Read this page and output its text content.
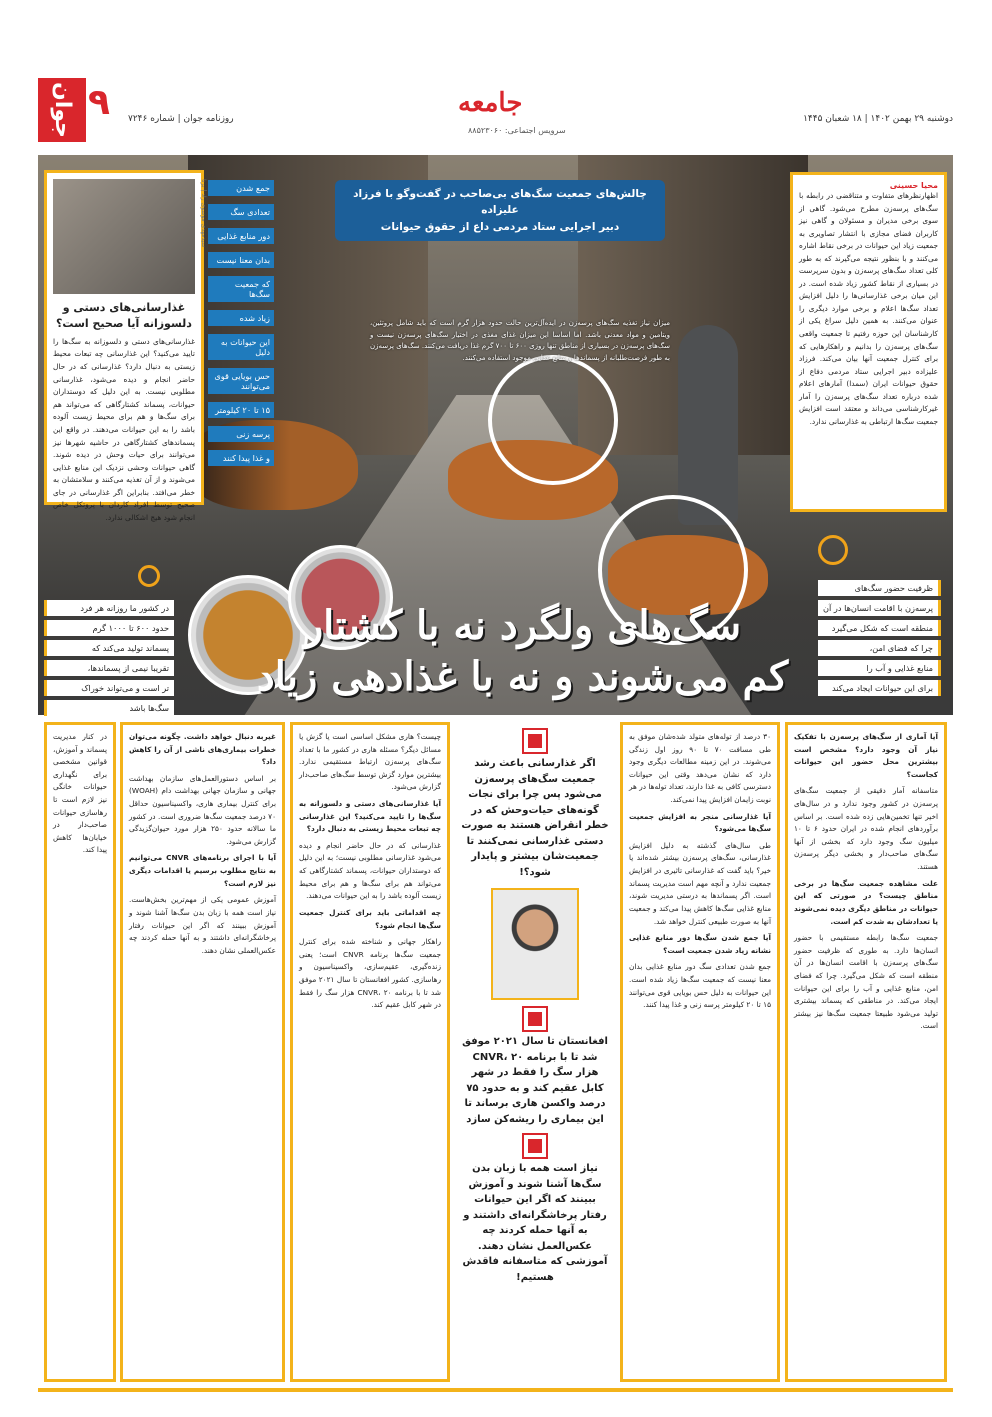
جوان ۹ روزنامه جوان | شماره ۷۲۴۶
جامعه
سرویس اجتماعی: ۸۸۵۲۳۰۶۰
دوشنبه ۲۹ بهمن ۱۴۰۲ | ۱۸ شعبان ۱۴۴۵
سیدمهدی موسوی راد | برنا
غذارسانی‌های دستی و دلسوزانه آیا صحیح است؟

غذارسانی‌های دستی و دلسوزانه به سگ‌ها را تایید می‌کنید؟ این غذارسانی چه تبعات محیط زیستی به دنبال دارد؟ غذارسانی که در حال حاضر انجام و دیده می‌شود، غذارسانی مطلوبی نیست. به این دلیل که دوستداران حیوانات، پسماند کشتارگاهی که می‌تواند هم برای سگ‌ها و هم برای محیط زیست آلوده باشد را به این حیوانات می‌دهند. در واقع این پسماندهای کشتارگاهی در حاشیه شهرها نیز می‌توانند برای حیات وحش در دیده شوند. گاهی حیوانات وحشی نزدیک این منابع غذایی می‌شوند و از آن تغذیه می‌کنند و سلامتشان به خطر می‌افتد. بنابراین اگر غذارسانی در جای صحیح توسط افراد کاردان با پروتکل خاص انجام شود هیچ اشکالی ندارد.

جمع شدن
تعدادی سگ
دور منابع غذایی
بدان معنا نیست
که جمعیت سگ‌ها
زیاد شده
این حیوانات به دلیل
حس بویایی قوی می‌توانند
۱۵ تا ۲۰ کیلومتر
پرسه زنی
و غذا پیدا کنند

چالش‌های جمعیت سگ‌های بی‌صاحب در گفت‌وگو با فرزاد علیزاده

دبیر اجرایی ستاد مردمی داع از حقوق حیوانات

میزان نیاز تغذیه سگ‌های پرسه‌زن در ایده‌آل‌ترین حالت حدود هزار گرم است که باید شامل پروتئین، ویتامین و مواد معدنی باشد. اما اساسا این میزان غذای مغذی در اختیار سگ‌های پرسه‌زن نیست و سگ‌های پرسه‌زن در بسیاری از مناطق تنها روزی ۶۰۰ تا ۷۰۰ گرم غذا دریافت می‌کنند. سگ‌های پرسه‌زن به طور فرصت‌طلبانه از پسماندها و منابع غذایی موجود استفاده می‌کنند.
محیا حسینی

اظهارنظرهای متفاوت و متناقضی در رابطه با سگ‌های پرسه‌زن مطرح می‌شود. گاهی از سوی برخی مدیران و مسئولان و گاهی نیز کاربران فضای مجازی با انتشار تصاویری به جمعیت زیاد این حیوانات در برخی نقاط اشاره می‌کنند و با بنظور نتیجه می‌گیرند که به طور کلی تعداد سگ‌های پرسه‌زن و بدون سرپرست در بسیاری از نقاط کشور زیاد شده است. در این میان برخی غذارسانی‌ها را دلیل افزایش تعداد سگ‌ها اعلام و برخی موارد دیگری را عنوان می‌کنند. به همین دلیل سراغ یکی از کارشناسان این حوزه رفتیم تا جمعیت واقعی سگ‌های پرسه‌زن را بدانیم و راهکارهایی که برای کنترل جمعیت آنها بیان می‌کند. فرزاد علیزاده دبیر اجرایی ستاد مردمی دفاع از حقوق حیوانات ایران (سمدا) آمارهای اعلام شده درباره تعداد سگ‌های پرسه‌زن را آمار غیرکارشناسی می‌داند و معتقد است افزایش جمعیت سگ‌ها ارتباطی به غذارسانی ندارد.

سگ‌های ولگرد نه با کشتار
کم می‌شوند و نه با غذادهی زیاد
ظرفیت حضور سگ‌های
پرسه‌زن با اقامت انسان‌ها در آن
منطقه است که شکل می‌گیرد
چرا که فضای امن،
منابع غذایی و آب را
برای این حیوانات ایجاد می‌کند
در کشور ما روزانه هر فرد
حدود ۶۰۰ تا ۱۰۰۰ گرم
پسماند تولید می‌کند که
تقریبا نیمی از پسماندها،
تر است و می‌تواند خوراک
سگ‌ها باشد

آیا آماری از سگ‌های پرسه‌زن با تفکیک نیاز آن وجود دارد؟ مشخص است بیشترین محل حضور این حیوانات کجاست؟

متاسفانه آمار دقیقی از جمعیت سگ‌های پرسه‌زن در کشور وجود ندارد و در سال‌های اخیر تنها تخمین‌هایی زده شده است. بر اساس برآوردهای انجام شده در ایران حدود ۶ تا ۱۰ میلیون سگ وجود دارد که بخشی از آنها سگ‌های صاحب‌دار و بخشی دیگر پرسه‌زن هستند.

علت مشاهده جمعیت سگ‌ها در برخی مناطق چیست؟ در صورتی که این حیوانات در مناطق دیگری دیده نمی‌شوند یا تعدادشان به شدت کم است.

جمعیت سگ‌ها رابطه مستقیمی با حضور انسان‌ها دارد. به طوری که ظرفیت حضور سگ‌های پرسه‌زن با اقامت انسان‌ها در آن منطقه است که شکل می‌گیرد. چرا که فضای امن، منابع غذایی و آب را برای این حیوانات ایجاد می‌کند. در مناطقی که پسماند بیشتری تولید می‌شود طبیعتا جمعیت سگ‌ها نیز بیشتر است.

۳۰ درصد از توله‌های متولد شده‌شان موفق به طی مسافت ۷۰ تا ۹۰ روز اول زندگی می‌شوند. در این زمینه مطالعات دیگری وجود دارد که نشان می‌دهد وقتی این حیوانات دسترسی کافی به غذا دارند، تعداد توله‌ها در هر نوبت زایمان افزایش پیدا نمی‌کند.

آیا غذارسانی منجر به افزایش جمعیت سگ‌ها می‌شود؟

طی سال‌های گذشته به دلیل افزایش غذارسانی، سگ‌های پرسه‌زن بیشتر شده‌اند یا خیر؟ باید گفت که غذارسانی تاثیری در افزایش جمعیت ندارد و آنچه مهم است مدیریت پسماند است. اگر پسماندها به درستی مدیریت شوند، منابع غذایی سگ‌ها کاهش پیدا می‌کند و جمعیت آنها به صورت طبیعی کنترل خواهد شد.

آیا جمع شدن سگ‌ها دور منابع غذایی نشانه زیاد شدن جمعیت است؟

جمع شدن تعدادی سگ دور منابع غذایی بدان معنا نیست که جمعیت سگ‌ها زیاد شده است. این حیوانات به دلیل حس بویایی قوی می‌توانند ۱۵ تا ۲۰ کیلومتر پرسه زنی و غذا پیدا کنند.

اگر غذارسانی باعث رشد جمعیت سگ‌های پرسه‌زن می‌شود پس چرا برای نجات گونه‌های حیات‌وحش که در خطر انقراض هستند به صورت دستی غذارسانی نمی‌کنند تا جمعیت‌شان بیشتر و پایدار شود؟!

افغانستان تا سال ۲۰۲۱ موفق شد تا با برنامه CNVR، ۲۰ هزار سگ را فقط در شهر کابل عقیم کند و به حدود ۷۵ درصد واکسن هاری برساند تا این بیماری را ریشه‌کن سازد

نیاز است همه با زبان بدن سگ‌ها آشنا شوند و آموزش ببینند که اگر این حیوانات رفتار پرخاشگرانه‌ای داشتند و به آنها حمله کردند چه عکس‌العمل نشان دهند. آموزشی که متاسفانه فاقدش هستیم!

چیست؟ هاری مشکل اساسی است یا گزش یا مسائل دیگر؟ مسئله هاری در کشور ما با تعداد سگ‌های پرسه‌زن ارتباط مستقیمی ندارد. بیشترین موارد گزش توسط سگ‌های صاحب‌دار گزارش می‌شود.

آیا غذارسانی‌های دستی و دلسوزانه به سگ‌ها را تایید می‌کنید؟ این غذارسانی چه تبعات محیط زیستی به دنبال دارد؟

غذارسانی که در حال حاضر انجام و دیده می‌شود غذارسانی مطلوبی نیست؛ به این دلیل که دوستداران حیوانات، پسماند کشتارگاهی که می‌تواند هم برای سگ‌ها و هم برای محیط زیست آلوده باشد را به این حیوانات می‌دهند.

چه اقداماتی باید برای کنترل جمعیت سگ‌ها انجام شود؟

راهکار جهانی و شناخته شده برای کنترل جمعیت سگ‌ها برنامه CNVR است؛ یعنی زنده‌گیری، عقیم‌سازی، واکسیناسیون و رهاسازی. کشور افغانستان تا سال ۲۰۲۱ موفق شد تا با برنامه CNVR، ۲۰ هزار سگ را فقط در شهر کابل عقیم کند.

غیربه دنبال خواهد داشت. چگونه می‌توان خطرات بیماری‌های ناشی از آن را کاهش داد؟

بر اساس دستورالعمل‌های سازمان بهداشت جهانی و سازمان جهانی بهداشت دام (WOAH) برای کنترل بیماری هاری، واکسیناسیون حداقل ۷۰ درصد جمعیت سگ‌ها ضروری است. در کشور ما سالانه حدود ۲۵۰ هزار مورد حیوان‌گزیدگی گزارش می‌شود.

آیا با اجرای برنامه‌های CNVR می‌توانیم به نتایج مطلوب برسیم یا اقدامات دیگری نیز لازم است؟

آموزش عمومی یکی از مهم‌ترین بخش‌هاست. نیاز است همه با زبان بدن سگ‌ها آشنا شوند و آموزش ببینند که اگر این حیوانات رفتار پرخاشگرانه‌ای داشتند و به آنها حمله کردند چه عکس‌العملی نشان دهند.

در کنار مدیریت پسماند و آموزش، قوانین مشخصی برای نگهداری حیوانات خانگی نیز لازم است تا رهاسازی حیوانات صاحب‌دار در خیابان‌ها کاهش پیدا کند.
